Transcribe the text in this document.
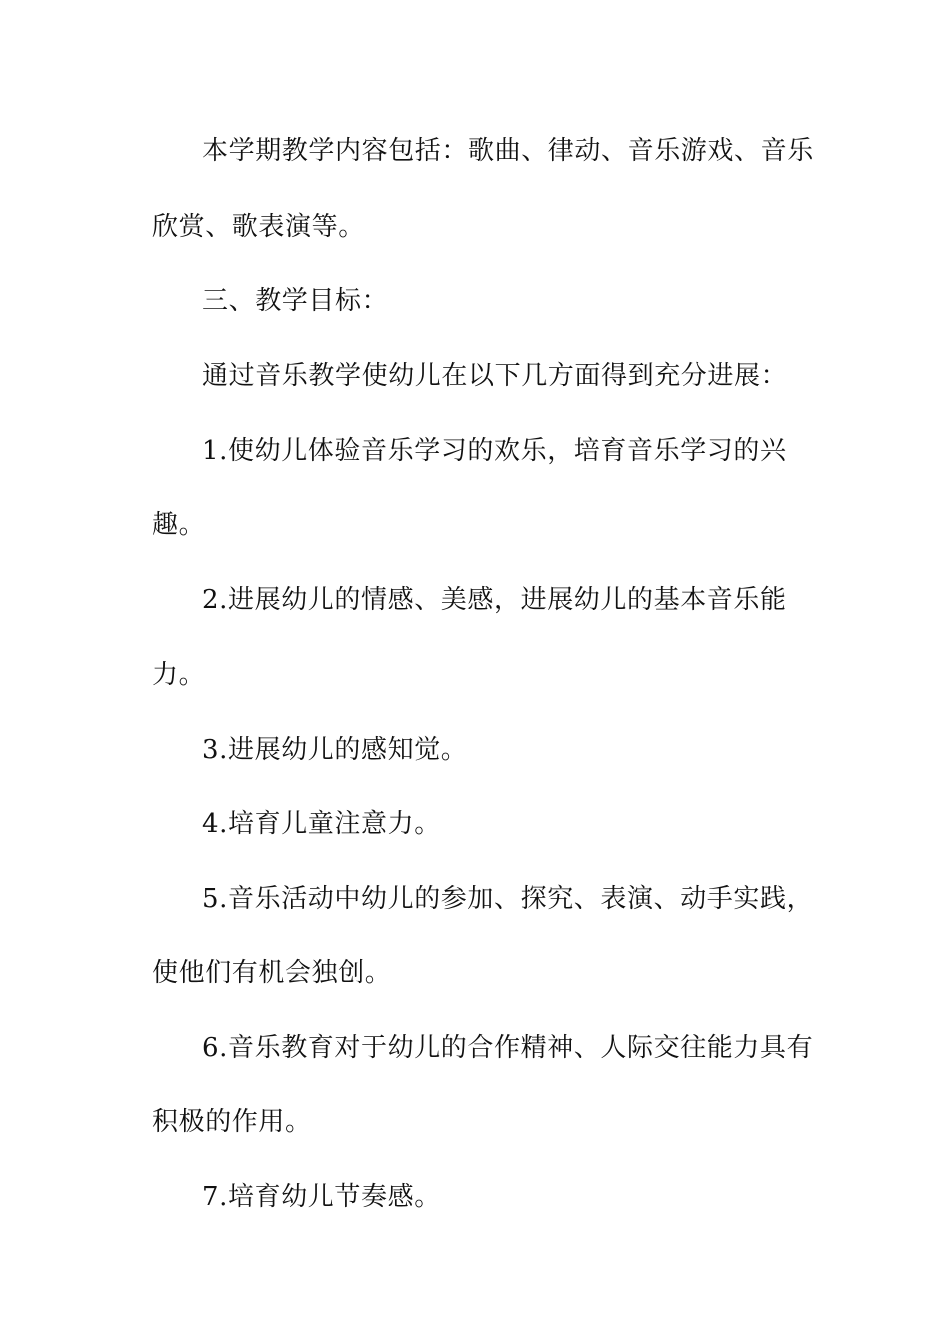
本学期教学内容包括：歌曲、律动、音乐游戏、音乐
欣赏、歌表演等。
三、教学目标：
通过音乐教学使幼儿在以下几方面得到充分进展：
1.使幼儿体验音乐学习的欢乐，培育音乐学习的兴
趣。
2.进展幼儿的情感、美感，进展幼儿的基本音乐能
力。
3.进展幼儿的感知觉。
4.培育儿童注意力。
5.音乐活动中幼儿的参加、探究、表演、动手实践，
使他们有机会独创。
6.音乐教育对于幼儿的合作精神、人际交往能力具有
积极的作用。
7.培育幼儿节奏感。
